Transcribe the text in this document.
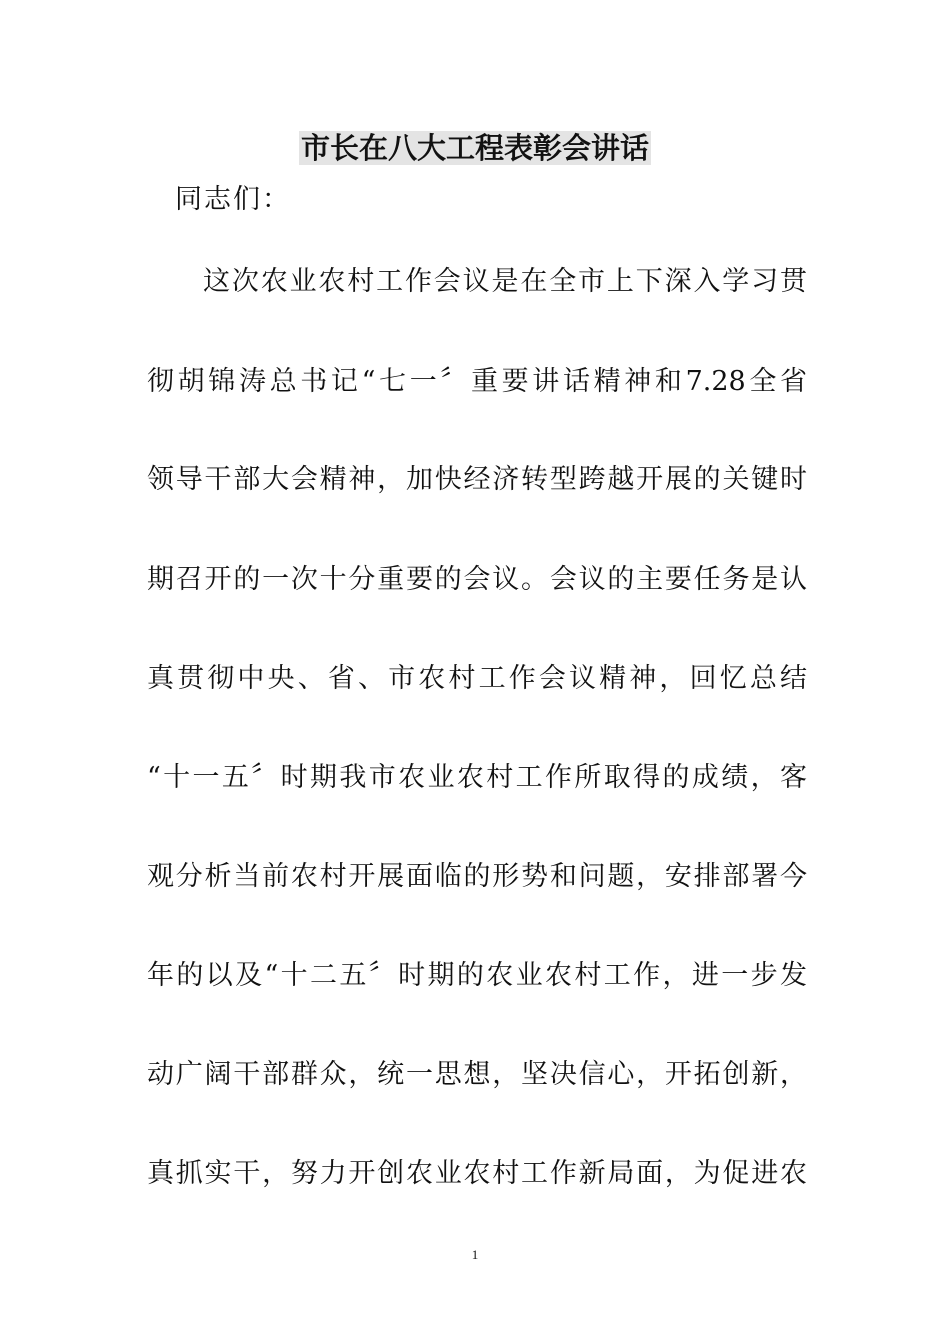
市长在八大工程表彰会讲话
同志们：
这次农业农村工作会议是在全市上下深入学习贯
彻胡锦涛总书记“七一〞重要讲话精神和7.28全省
领导干部大会精神，加快经济转型跨越开展的关键时
期召开的一次十分重要的会议。会议的主要任务是认
真贯彻中央、省、市农村工作会议精神，回忆总结
“十一五〞时期我市农业农村工作所取得的成绩，客
观分析当前农村开展面临的形势和问题，安排部署今
年的以及“十二五〞时期的农业农村工作，进一步发
动广阔干部群众，统一思想，坚决信心，开拓创新，
真抓实干，努力开创农业农村工作新局面，为促进农
1
